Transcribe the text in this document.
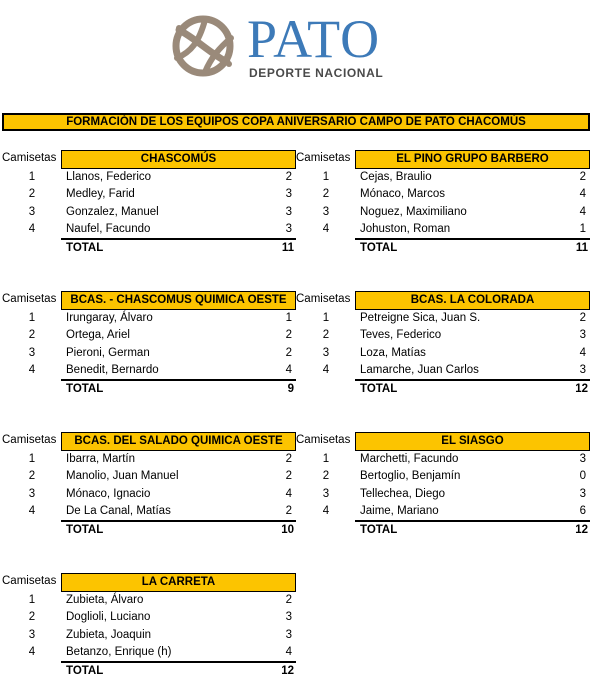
PATO
DEPORTE NACIONAL
FORMACIÓN DE LOS EQUIPOS COPA ANIVERSARIO CAMPO DE PATO CHACOMÚS
Camisetas	CHASCOMÚS
1	Llanos, Federico	2
2	Medley, Farid	3
3	Gonzalez, Manuel	3
4	Naufel, Facundo	3
TOTAL	11
Camisetas	EL PINO GRUPO BARBERO
1	Cejas, Braulio	2
2	Mónaco, Marcos	4
3	Noguez, Maximiliano	4
4	Johuston, Roman	1
TOTAL	11
Camisetas	BCAS. - CHASCOMUS QUIMICA OESTE
1	Irungaray, Álvaro	1
2	Ortega, Ariel	2
3	Pieroni, German	2
4	Benedit, Bernardo	4
TOTAL	9
Camisetas	BCAS. LA COLORADA
1	Petreigne Sica, Juan S.	2
2	Teves, Federico	3
3	Loza, Matías	4
4	Lamarche, Juan Carlos	3
TOTAL	12
Camisetas	BCAS. DEL SALADO QUIMICA OESTE
1	Ibarra, Martín	2
2	Manolio, Juan Manuel	2
3	Mónaco, Ignacio	4
4	De La Canal, Matías	2
TOTAL	10
Camisetas	EL SIASGO
1	Marchetti, Facundo	3
2	Bertoglio, Benjamín	0
3	Tellechea, Diego	3
4	Jaime, Mariano	6
TOTAL	12
Camisetas	LA CARRETA
1	Zubieta, Álvaro	2
2	Doglioli, Luciano	3
3	Zubieta, Joaquin	3
4	Betanzo, Enrique (h)	4
TOTAL	12
